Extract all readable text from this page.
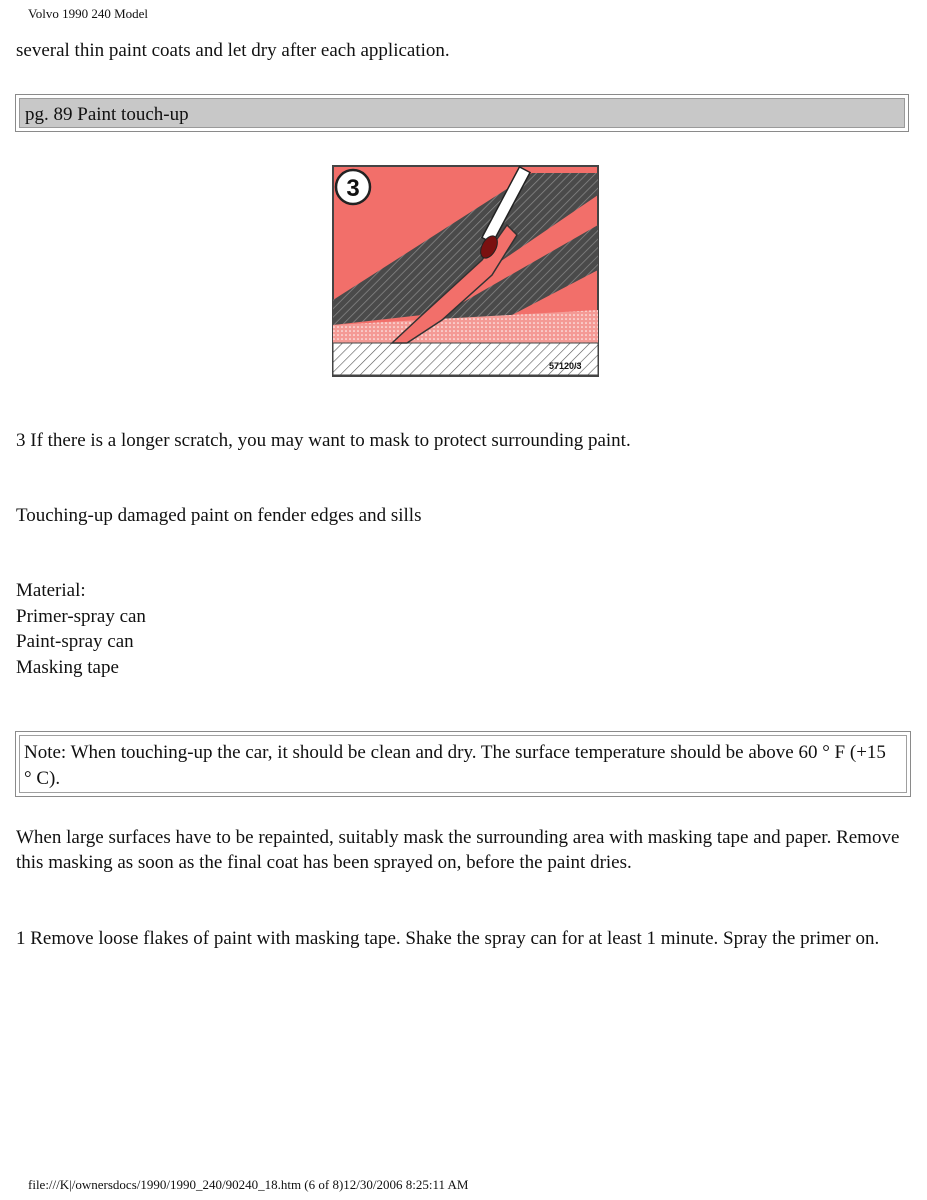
Volvo 1990 240 Model
several thin paint coats and let dry after each application.
pg. 89 Paint touch-up
3
57120/3
3 If there is a longer scratch, you may want to mask to protect surrounding paint.
Touching-up damaged paint on fender edges and sills
Material:
Primer-spray can
Paint-spray can
Masking tape
Note: When touching-up the car, it should be clean and dry. The surface temperature should be above 60 ° F (+15 ° C).
When large surfaces have to be repainted, suitably mask the surrounding area with masking tape and paper. Remove this masking as soon as the final coat has been sprayed on, before the paint dries.
1 Remove loose flakes of paint with masking tape. Shake the spray can for at least 1 minute. Spray the primer on.
file:///K|/ownersdocs/1990/1990_240/90240_18.htm (6 of 8)12/30/2006 8:25:11 AM
